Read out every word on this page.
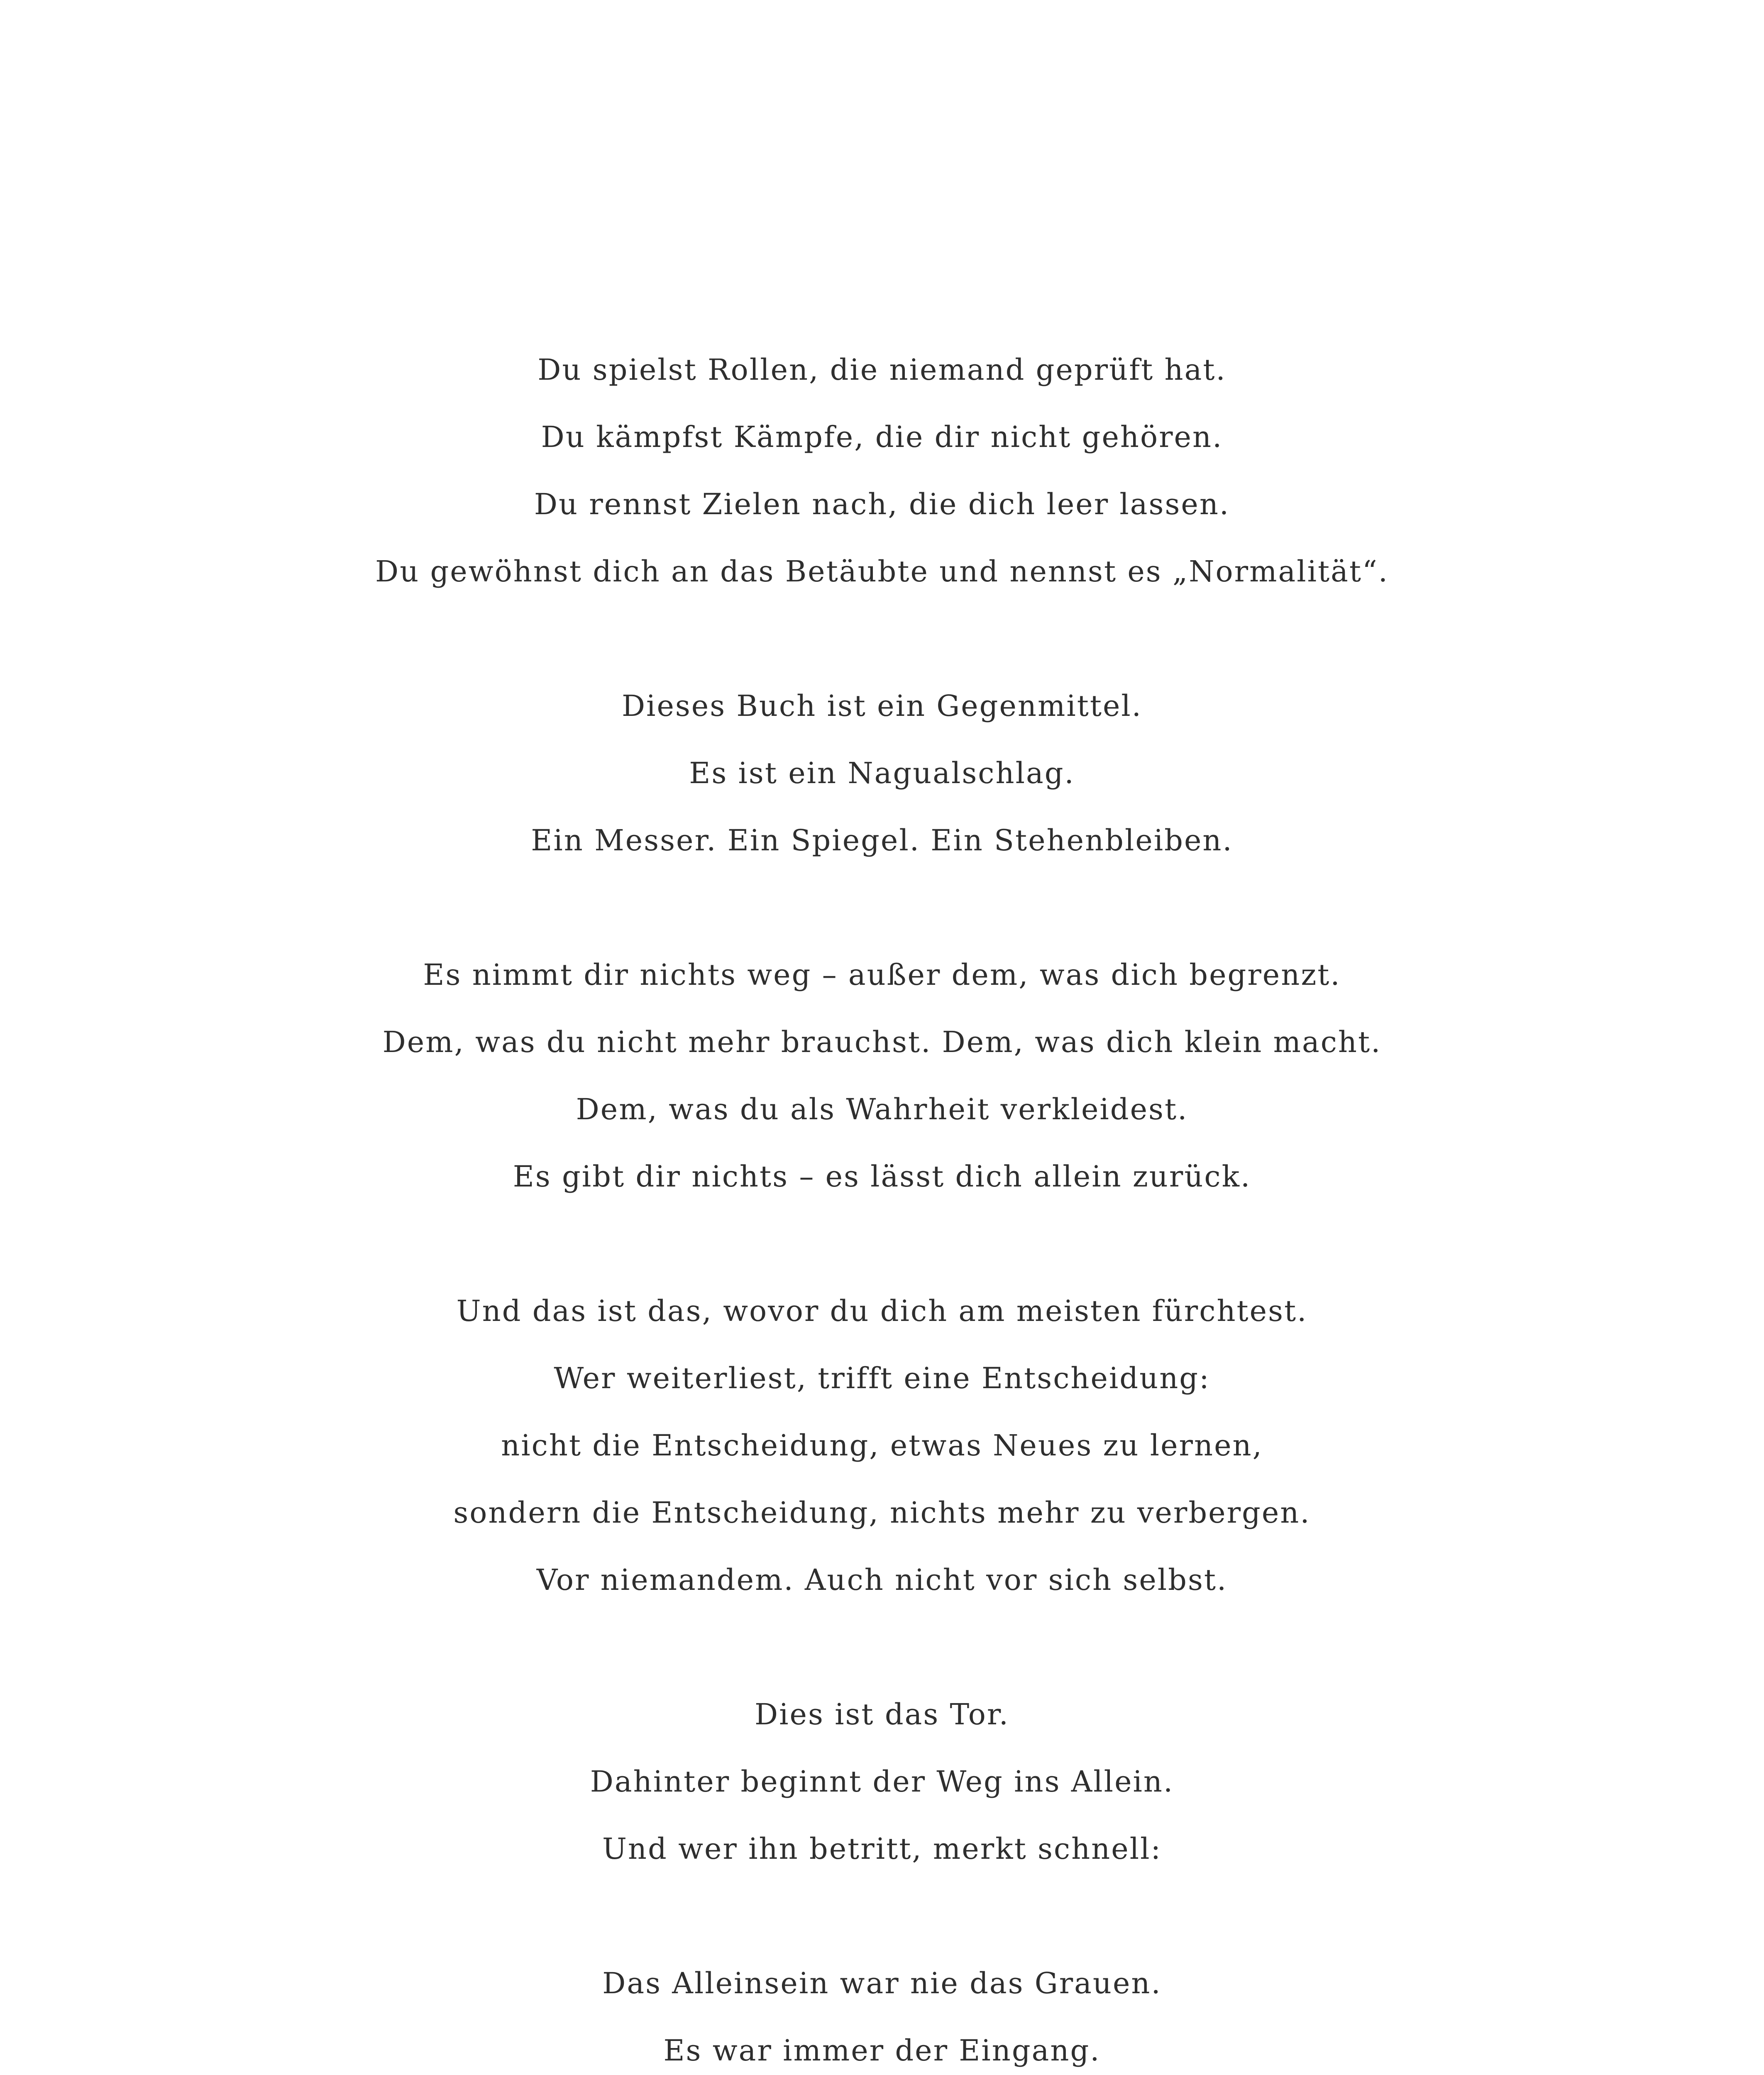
Du spielst Rollen, die niemand geprüft hat.
Du kämpfst Kämpfe, die dir nicht gehören.
Du rennst Zielen nach, die dich leer lassen.
Du gewöhnst dich an das Betäubte und nennst es „Normalität“.
Dieses Buch ist ein Gegenmittel.
Es ist ein Nagualschlag.
Ein Messer. Ein Spiegel. Ein Stehenbleiben.
Es nimmt dir nichts weg – außer dem, was dich begrenzt.
Dem, was du nicht mehr brauchst. Dem, was dich klein macht.
Dem, was du als Wahrheit verkleidest.
Es gibt dir nichts – es lässt dich allein zurück.
Und das ist das, wovor du dich am meisten fürchtest.
Wer weiterliest, trifft eine Entscheidung:
nicht die Entscheidung, etwas Neues zu lernen,
sondern die Entscheidung, nichts mehr zu verbergen.
Vor niemandem. Auch nicht vor sich selbst.
Dies ist das Tor.
Dahinter beginnt der Weg ins Allein.
Und wer ihn betritt, merkt schnell:
Das Alleinsein war nie das Grauen.
Es war immer der Eingang.
